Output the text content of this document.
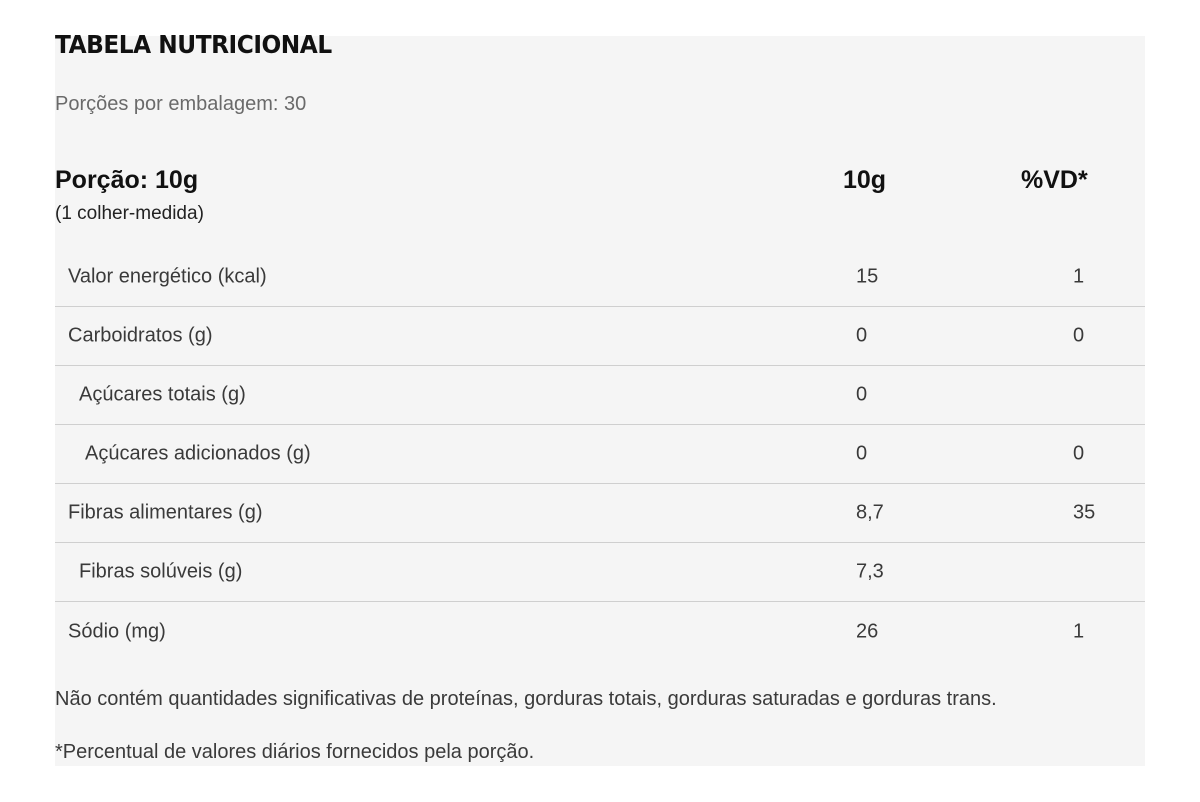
TABELA NUTRICIONAL
Porções por embalagem: 30
Porção: 10g
(1 colher-medida)
10g	%VD*
Valor energético (kcal)	15	1
Carboidratos (g)	0	0
Açúcares totais (g)	0
Açúcares adicionados (g)	0	0
Fibras alimentares (g)	8,7	35
Fibras solúveis (g)	7,3
Sódio (mg)	26	1
Não contém quantidades significativas de proteínas, gorduras totais, gorduras saturadas e gorduras trans.
*Percentual de valores diários fornecidos pela porção.
